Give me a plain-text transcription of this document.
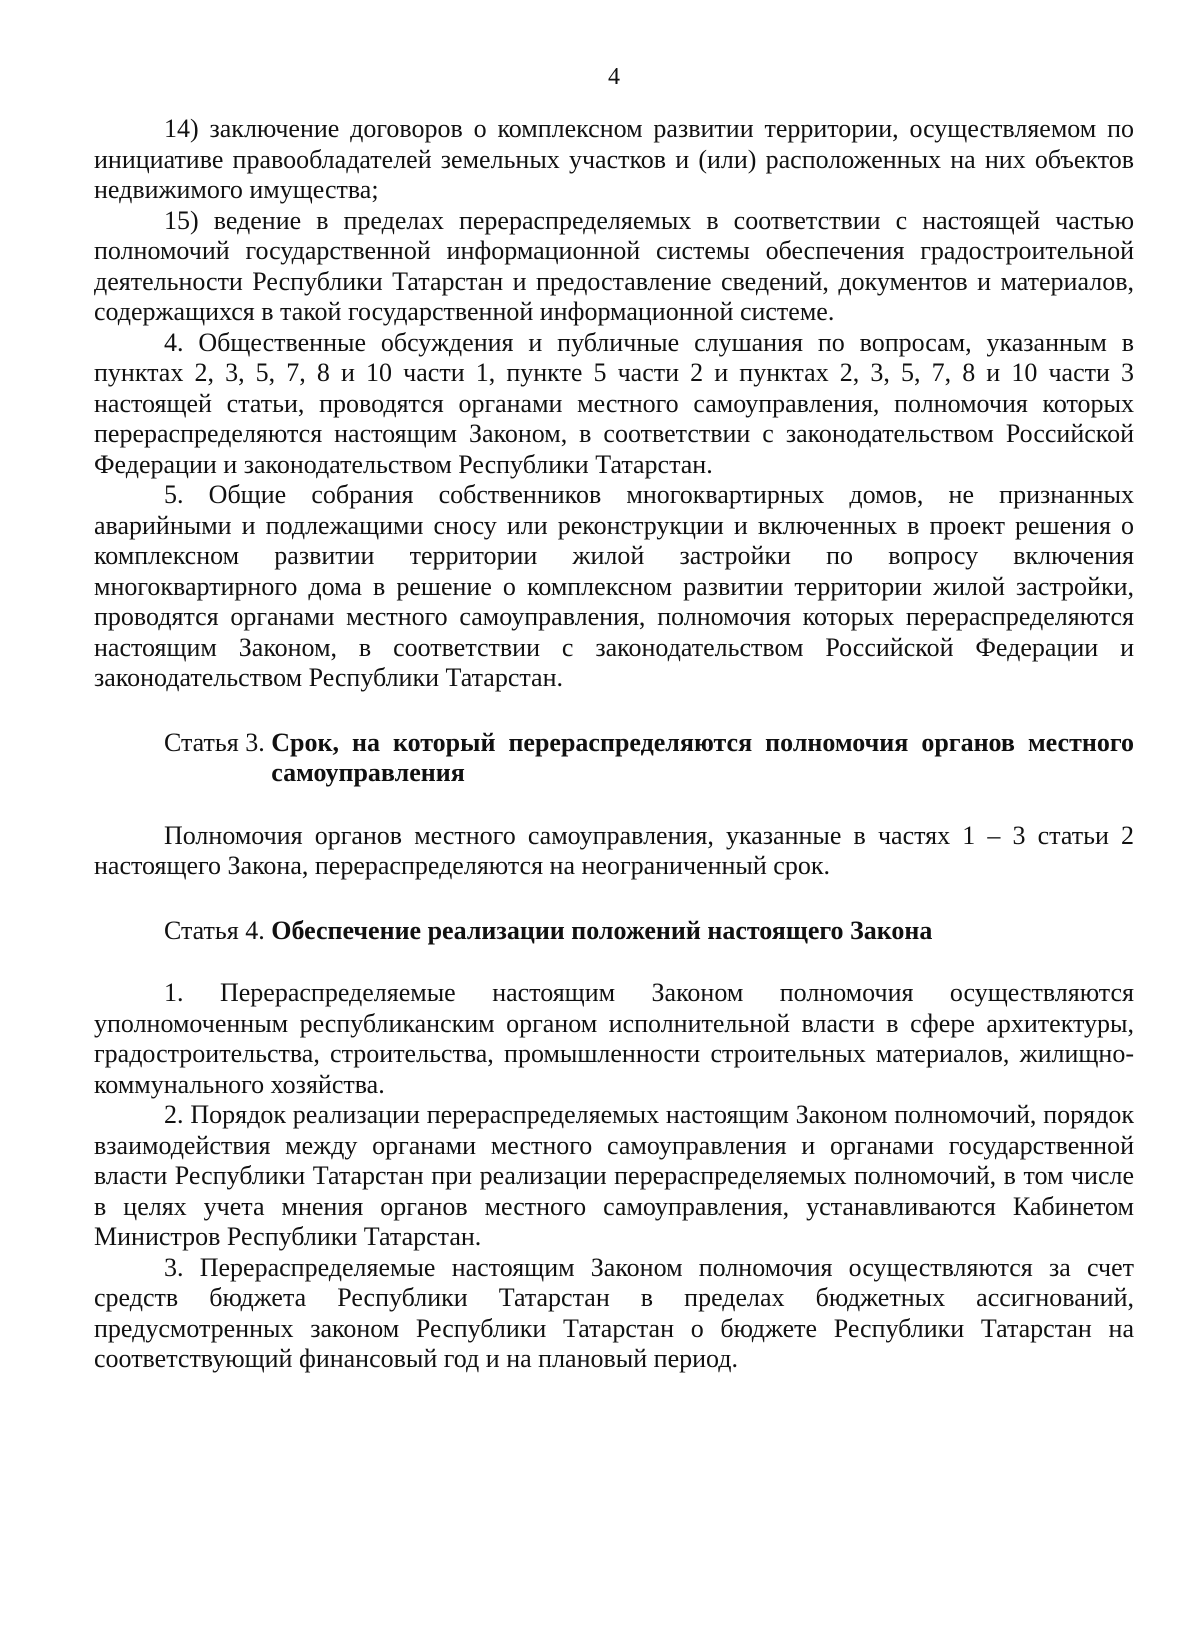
4

14) заключение договоров о комплексном развитии территории, осуществляемом по инициативе правообладателей земельных участков и (или) расположенных на них объектов недвижимого имущества;

15) ведение в пределах перераспределяемых в соответствии с настоящей частью полномочий государственной информационной системы обеспечения градостроительной деятельности Республики Татарстан и предоставление сведений, документов и материалов, содержащихся в такой государственной информационной системе.

4. Общественные обсуждения и публичные слушания по вопросам, указанным в пунктах 2, 3, 5, 7, 8 и 10 части 1, пункте 5 части 2 и пунктах 2, 3, 5, 7, 8 и 10 части 3 настоящей статьи, проводятся органами местного самоуправления, полномочия которых перераспределяются настоящим Законом, в соответствии с законодательством Российской Федерации и законодательством Республики Татарстан.

5. Общие собрания собственников многоквартирных домов, не признанных аварийными и подлежащими сносу или реконструкции и включенных в проект решения о комплексном развитии территории жилой застройки по вопросу включения многоквартирного дома в решение о комплексном развитии территории жилой застройки, проводятся органами местного самоуправления, полномочия которых перераспределяются настоящим Законом, в соответствии с законодательством Российской Федерации и законодательством Республики Татарстан.

Статья 3. Срок, на который перераспределяются полномочия органов местного самоуправления

Полномочия органов местного самоуправления, указанные в частях 1 – 3 статьи 2 настоящего Закона, перераспределяются на неограниченный срок.

Статья 4. Обеспечение реализации положений настоящего Закона

1. Перераспределяемые настоящим Законом полномочия осуществляются уполномоченным республиканским органом исполнительной власти в сфере архитектуры, градостроительства, строительства, промышленности строительных материалов, жилищно-коммунального хозяйства.

2. Порядок реализации перераспределяемых настоящим Законом полномочий, порядок взаимодействия между органами местного самоуправления и органами государственной власти Республики Татарстан при реализации перераспределяемых полномочий, в том числе в целях учета мнения органов местного самоуправления, устанавливаются Кабинетом Министров Республики Татарстан.

3. Перераспределяемые настоящим Законом полномочия осуществляются за счет средств бюджета Республики Татарстан в пределах бюджетных ассигнований, предусмотренных законом Республики Татарстан о бюджете Республики Татарстан на соответствующий финансовый год и на плановый период.
